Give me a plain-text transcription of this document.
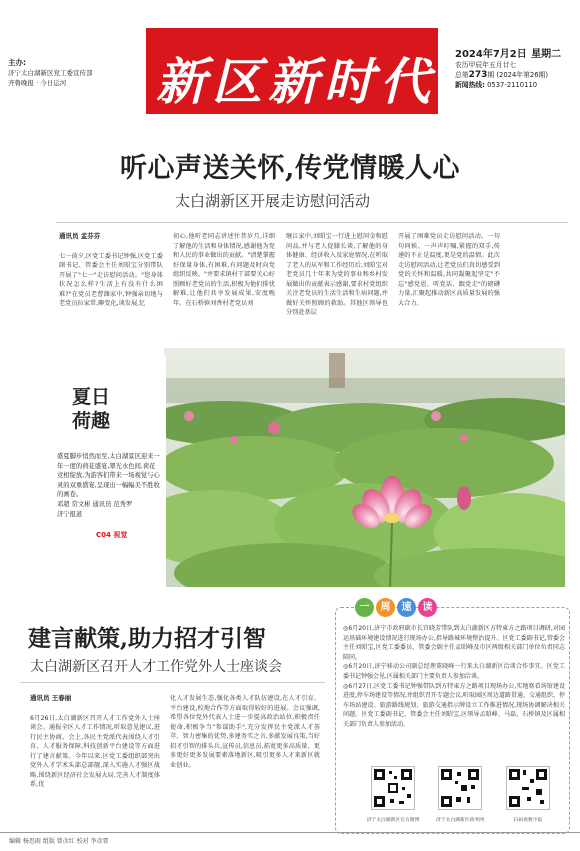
主办:
济宁太白湖新区党工委宣传部
齐鲁晚报 · 今日运河	新区新时代 2024年7月2日 星期二
农历甲辰年五月廿七
总第273期 (2024年第26期)
新闻热线: 0537-2110110
听心声送关怀,传党情暖人心
太白湖新区开展走访慰问活动
通讯员 孟芬芬
七一前夕,区党工委书记钟强,区党工委副书记、管委会主任刘昭宝分别带队开展了"七一"走访慰问活动。"您身体状况怎么样?生活上有没有什么困难?"在党员老曹潍家中,钟强亲切地与老党员拉家常,聊变化,谈发展,忆
初心,他听老同志讲述往昔岁月,详细了解他的生活和身体情况,感谢他为党和人民的事业做出的贡献。"清楚掌握好保量身体,有困难,有问题及时向党组织反映。"并要求镇村干部要关心好照顾好老党员的生活,积极为他们排忧解难,让他们共享发展成果,安度晚年。在石桥镇刘香村老党员刘
继江家中,刘昭宝一行进上慰问金和慰问品,并与老人促膝长谈,了解他的身体健康、经济收入及家庭情况,在听取了老人的从军和工作经历后,刘昭宝对老党员几十年来为党的事业和乡村发展做出的贡献表示感谢,要求村党组织关注老党员的生活生活和生病问题,并做好关怀照顾的救助。其他区领导也分别赴基层
开展了困难党员走访慰问活动。一句句问候、一声声叮嘱,紧握的双手,传递的不止是温度,更是党的温情。此次走访慰问活动,让老党员们真切感受到党的关怀和温暖,共同凝聚起坚定"不忘"感党恩、听党话、跟党走"的磅礴力量,汇聚起推动新区高质量发展的强大合力。
夏日荷趣
盛夏脚步悄然而至,太白湖景区迎来一年一度的荷花盛宴,翠光水色间,荷花竞相绽放,为游客们带来一场视觉与心灵的双重盛宴,呈现出一幅幅美不胜收的画卷。
邓超 常文彬 通讯员 范秀罗
济宁报道
C04 视觉
建言献策,助力招才引智
太白湖新区召开人才工作党外人士座谈会
通讯员 王春丽
6月26日,太白湖新区召开人才工作党外人士座谈会。通报全区人才工作情况,听取意见建议,进行民主协商。会上,各民主党派代表围绕人才引育、人才服务保障,科技创新平台建设等方面进行了建言献策。今年以来,区党工委组织部突出党外人才学术头部总部舰,深入实施人才强区战略,围绕新区经济社会发展大局,完善人才制度体系,优
化人才发展生态,强化各类人才队伍建设,在人才引育、平台建设,校地合作等方面取得较好的进展。会议强调,希望各位党外代表人士进一步提高政治站位,积极责任使命,积极争当"参谋助手",充分发挥民主党派人才荟萃、智力密集的优势,多建务实之言,多献发展良策,当好招才引智的排头兵,宣传员,信息员,拓宽更多高质量、更多更好更多发展要素落地新区,吸引更多人才来新区就业创业。
一	周	速	读

◎6月20日,济宁市政府副市长宫晓芳带队到太白湖新区方特東方之路项目调研,对园运基础环境建设情况进行现场办公,指导路城环境整治提升。区党工委副书记,管委会主任刘昭宝,区党工委委员、管委会副主任孟昭峰及市区两级相关部门单位负责同志陪同。

◎6月20日,济宁移动公司副总经理董晓峰一行来太白湖新区洽谈合作事宜。区党工委书记钟强会见,区属相关部门主要负责人参加洽谈。

◎6月27日,区党工委书记钟强带队到方特東方之路项目现场办公,实地察看场馆建设进度,停车场建设等情况,并组织召开专题会议,听取园区周边道路贯通、交通组织、停车场站建设、旅游路线规划、旅游交通指示牌设立工作推进情况,现场协调解决相关问题。区党工委副书记、管委会主任刘昭宝,区领导孟昭峰、马磊、石桥镇及区属相关部门负责人参加活动。

济宁太白湖新区官方微博	济宁太白湖新区政务网	扫码看数字报
编辑 杨思雨 组版 曾彦红 校对 李彦霏
